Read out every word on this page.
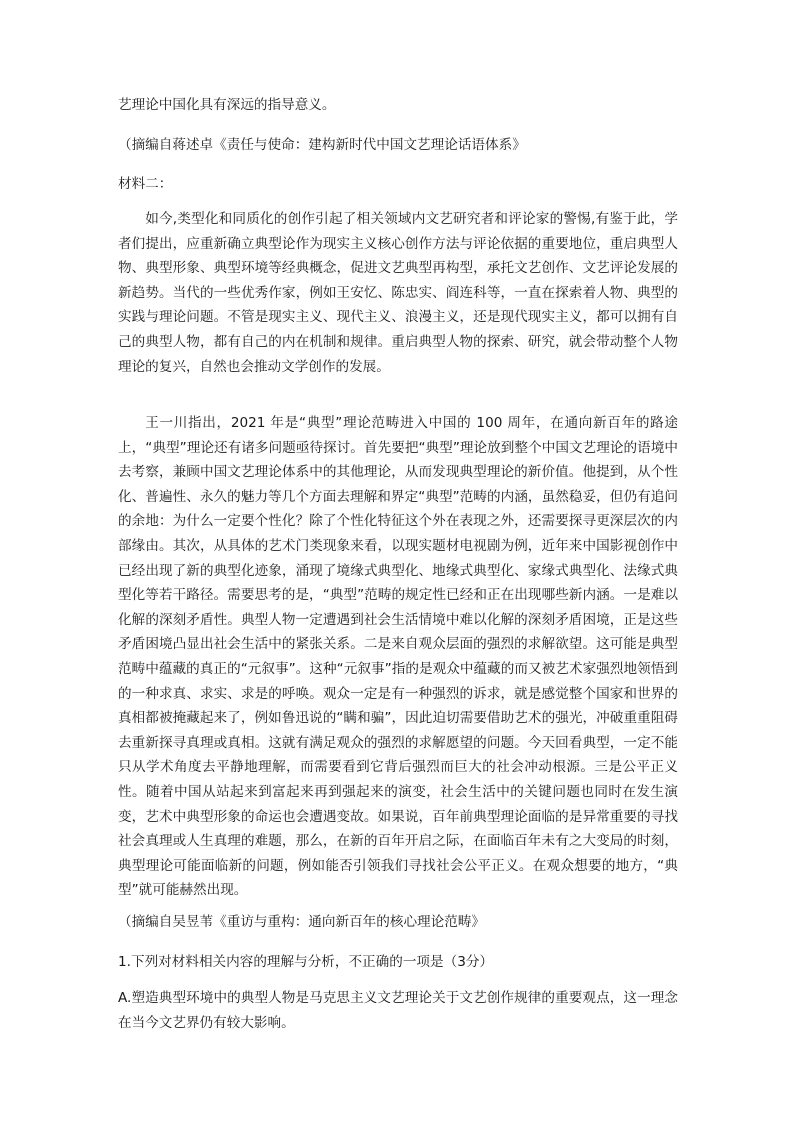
艺理论中国化具有深远的指导意义。
（摘编自蒋述卓《责任与使命：建构新时代中国文艺理论话语体系》
材料二：

如今,类型化和同质化的创作引起了相关领域内文艺研究者和评论家的警惕,有鉴于此，学者们提出，应重新确立典型论作为现实主义核心创作方法与评论依据的重要地位，重启典型人物、典型形象、典型环境等经典概念，促进文艺典型再构型，承托文艺创作、文艺评论发展的新趋势。当代的一些优秀作家，例如王安忆、陈忠实、阎连科等，一直在探索着人物、典型的实践与理论问题。不管是现实主义、现代主义、浪漫主义，还是现代现实主义，都可以拥有自己的典型人物，都有自己的内在机制和规律。重启典型人物的探索、研究，就会带动整个人物理论的复兴，自然也会推动文学创作的发展。

王一川指出，2021 年是“典型”理论范畴进入中国的 100 周年，在通向新百年的路途上，“典型”理论还有诸多问题亟待探讨。首先要把“典型”理论放到整个中国文艺理论的语境中去考察，兼顾中国文艺理论体系中的其他理论，从而发现典型理论的新价值。他提到，从个性化、普遍性、永久的魅力等几个方面去理解和界定“典型”范畴的内涵，虽然稳妥，但仍有追问的余地：为什么一定要个性化？除了个性化特征这个外在表现之外，还需要探寻更深层次的内部缘由。其次，从具体的艺术门类现象来看，以现实题材电视剧为例，近年来中国影视创作中已经出现了新的典型化迹象，涌现了境缘式典型化、地缘式典型化、家缘式典型化、法缘式典型化等若干路径。需要思考的是，“典型”范畴的规定性已经和正在出现哪些新内涵。一是难以化解的深刻矛盾性。典型人物一定遭遇到社会生活情境中难以化解的深刻矛盾困境，正是这些矛盾困境凸显出社会生活中的紧张关系。二是来自观众层面的强烈的求解欲望。这可能是典型范畴中蕴藏的真正的“元叙事”。这种“元叙事”指的是观众中蕴藏的而又被艺术家强烈地领悟到的一种求真、求实、求是的呼唤。观众一定是有一种强烈的诉求，就是感觉整个国家和世界的真相都被掩藏起来了，例如鲁迅说的“瞒和骗”，因此迫切需要借助艺术的强光，冲破重重阻碍去重新探寻真理或真相。这就有满足观众的强烈的求解愿望的问题。今天回看典型，一定不能只从学术角度去平静地理解，而需要看到它背后强烈而巨大的社会冲动根源。三是公平正义性。随着中国从站起来到富起来再到强起来的演变，社会生活中的关键问题也同时在发生演变，艺术中典型形象的命运也会遭遇变故。如果说，百年前典型理论面临的是异常重要的寻找社会真理或人生真理的难题，那么，在新的百年开启之际，在面临百年未有之大变局的时刻，典型理论可能面临新的问题，例如能否引领我们寻找社会公平正义。在观众想要的地方，“典型”就可能赫然出现。

（摘编自吴昱苇《重访与重构：通向新百年的核心理论范畴》
1.下列对材料相关内容的理解与分析，不正确的一项是（3分）

A.塑造典型环境中的典型人物是马克思主义文艺理论关于文艺创作规律的重要观点，这一理念在当今文艺界仍有较大影响。
